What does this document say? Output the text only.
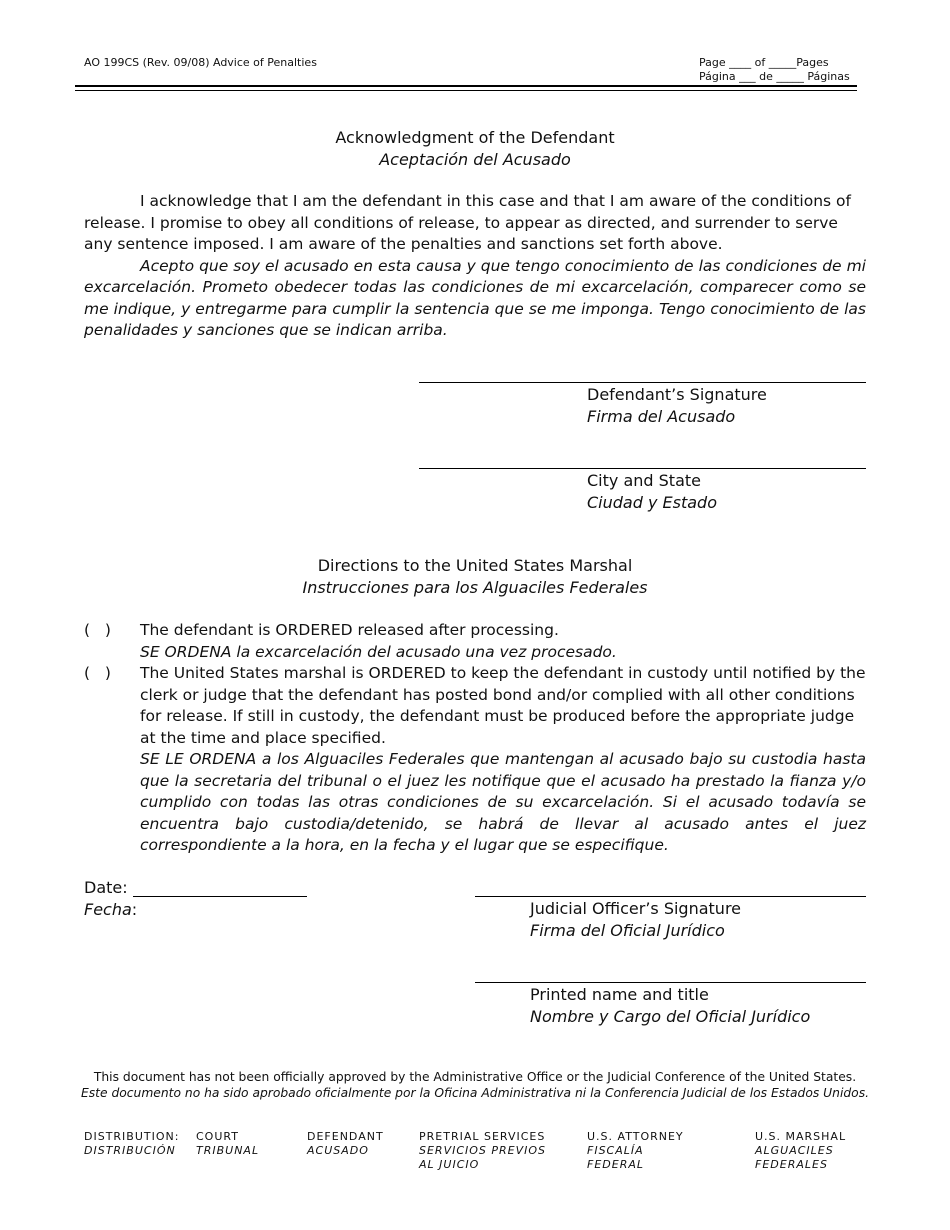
AO 199CS (Rev. 09/08) Advice of Penalties	Page ____ of _____Pages
Página ___ de _____ Páginas
Acknowledgment of the Defendant
Aceptación del Acusado
I acknowledge that I am the defendant in this case and that I am aware of the conditions of release. I promise to obey all conditions of release, to appear as directed, and surrender to serve any sentence imposed. I am aware of the penalties and sanctions set forth above.
Acepto que soy el acusado en esta causa y que tengo conocimiento de las condiciones de mi excarcelación. Prometo obedecer todas las condiciones de mi excarcelación, comparecer como se me indique, y entregarme para cumplir la sentencia que se me imponga. Tengo conocimiento de las penalidades y sanciones que se indican arriba.
Defendant’s Signature
Firma del Acusado
City and State
Ciudad y Estado
Directions to the United States Marshal
Instrucciones para los Alguaciles Federales
(   ) The defendant is ORDERED released after processing.
SE ORDENA la excarcelación del acusado una vez procesado.
(   ) The United States marshal is ORDERED to keep the defendant in custody until notified by the clerk or judge that the defendant has posted bond and/or complied with all other conditions for release. If still in custody, the defendant must be produced before the appropriate judge at the time and place specified.
SE LE ORDENA a los Alguaciles Federales que mantengan al acusado bajo su custodia hasta que la secretaria del tribunal o el juez les notifique que el acusado ha prestado la fianza y/o cumplido con todas las otras condiciones de su excarcelación. Si el acusado todavía se encuentra bajo custodia/detenido, se habrá de llevar al acusado antes el juez correspondiente a la hora, en la fecha y el lugar que se especifique.
Date:
Fecha:	Judicial Officer’s Signature
Firma del Oficial Jurídico
Printed name and title
Nombre y Cargo del Oficial Jurídico
This document has not been officially approved by the Administrative Office or the Judicial Conference of the United States.
Este documento no ha sido aprobado oficialmente por la Oficina Administrativa ni la Conferencia Judicial de los Estados Unidos.
DISTRIBUTION:
DISTRIBUCIÓN
COURT
TRIBUNAL
DEFENDANT
ACUSADO
PRETRIAL SERVICES
SERVICIOS PREVIOS
AL JUICIO
U.S. ATTORNEY
FISCALÍA
FEDERAL
U.S. MARSHAL
ALGUACILES
FEDERALES
